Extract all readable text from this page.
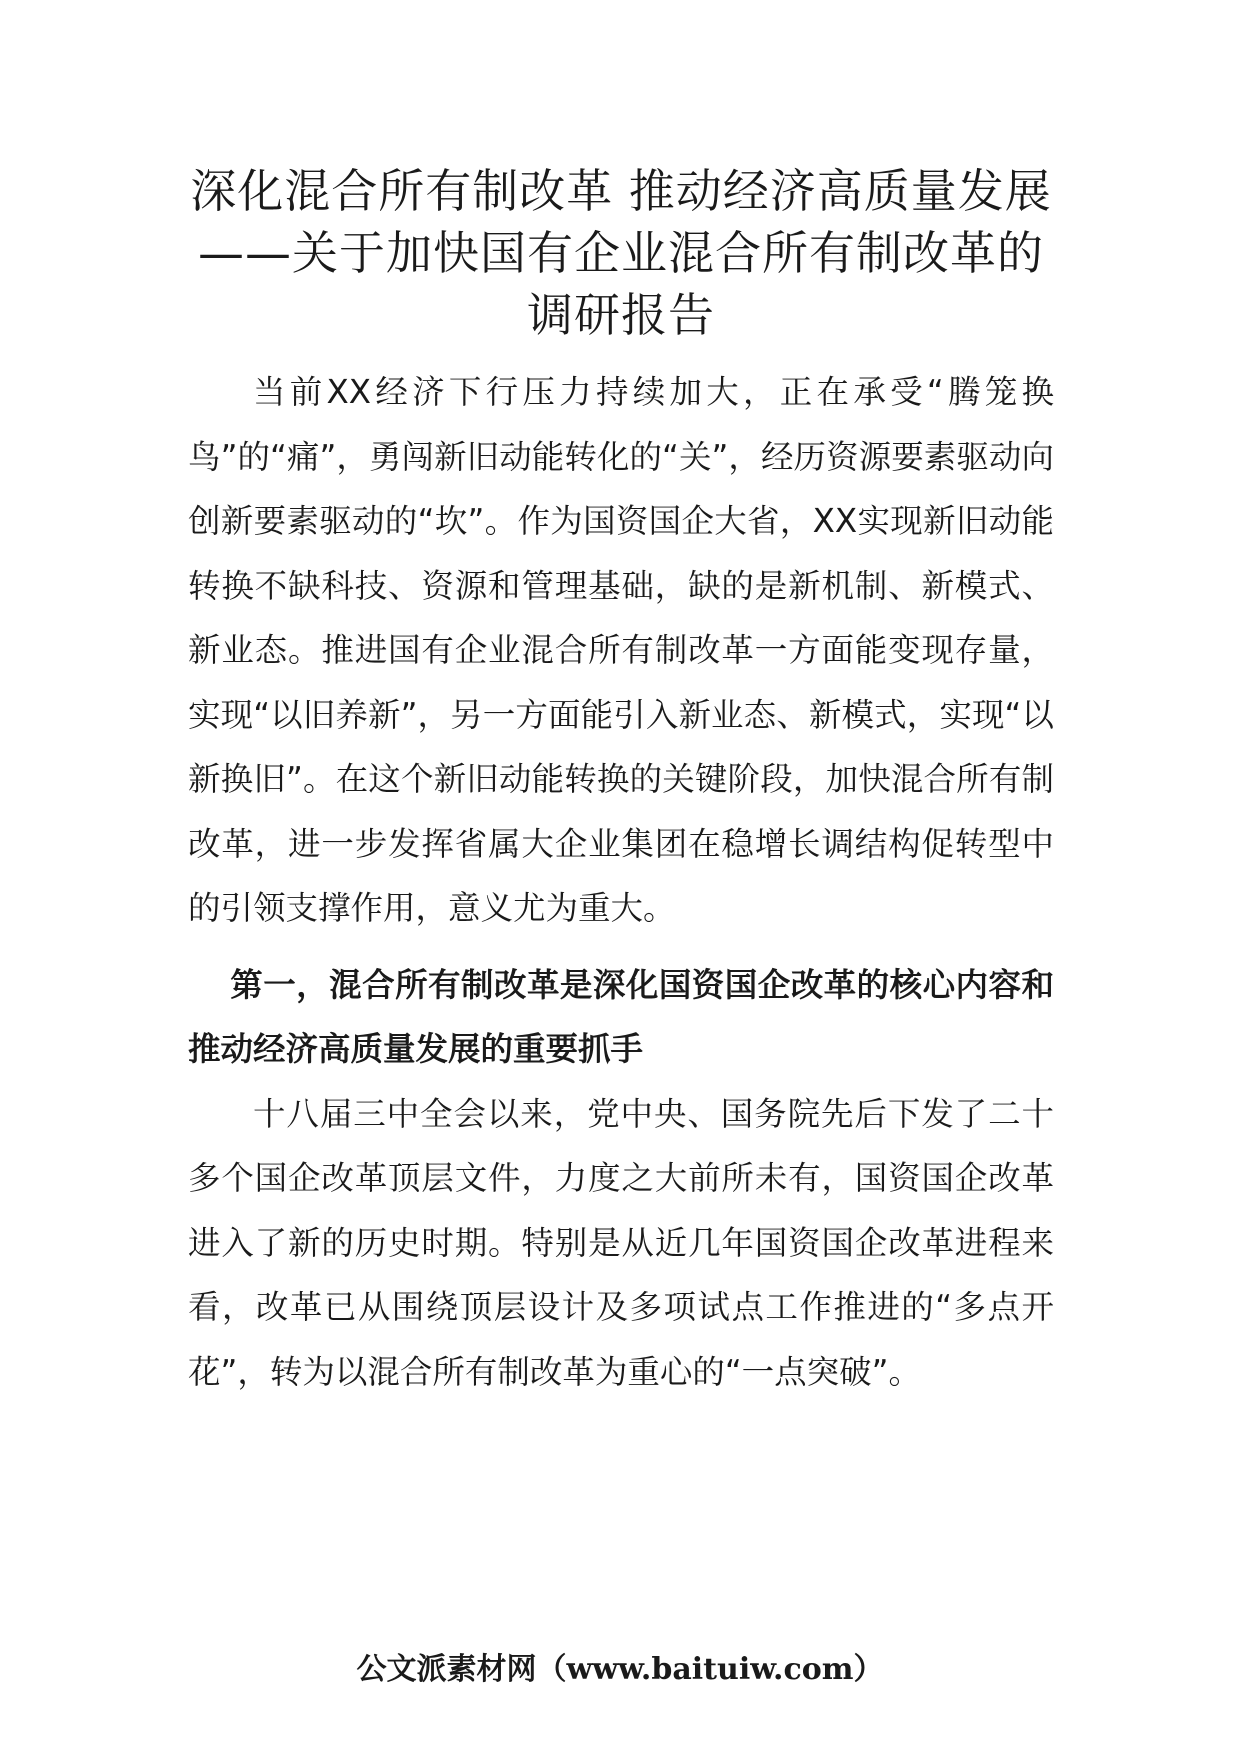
深化混合所有制改革 推动经济高质量发展
——关于加快国有企业混合所有制改革的
调研报告

当前XX经济下行压力持续加大，正在承受“腾笼换鸟”的“痛”，勇闯新旧动能转化的“关”，经历资源要素驱动向创新要素驱动的“坎”。作为国资国企大省，XX实现新旧动能转换不缺科技、资源和管理基础，缺的是新机制、新模式、新业态。推进国有企业混合所有制改革一方面能变现存量，实现“以旧养新”，另一方面能引入新业态、新模式，实现“以新换旧”。在这个新旧动能转换的关键阶段，加快混合所有制改革，进一步发挥省属大企业集团在稳增长调结构促转型中的引领支撑作用，意义尤为重大。

第一，混合所有制改革是深化国资国企改革的核心内容和推动经济高质量发展的重要抓手

十八届三中全会以来，党中央、国务院先后下发了二十多个国企改革顶层文件，力度之大前所未有，国资国企改革进入了新的历史时期。特别是从近几年国资国企改革进程来看，改革已从围绕顶层设计及多项试点工作推进的“多点开花”，转为以混合所有制改革为重心的“一点突破”。

公文派素材网（www.baituiw.com）
